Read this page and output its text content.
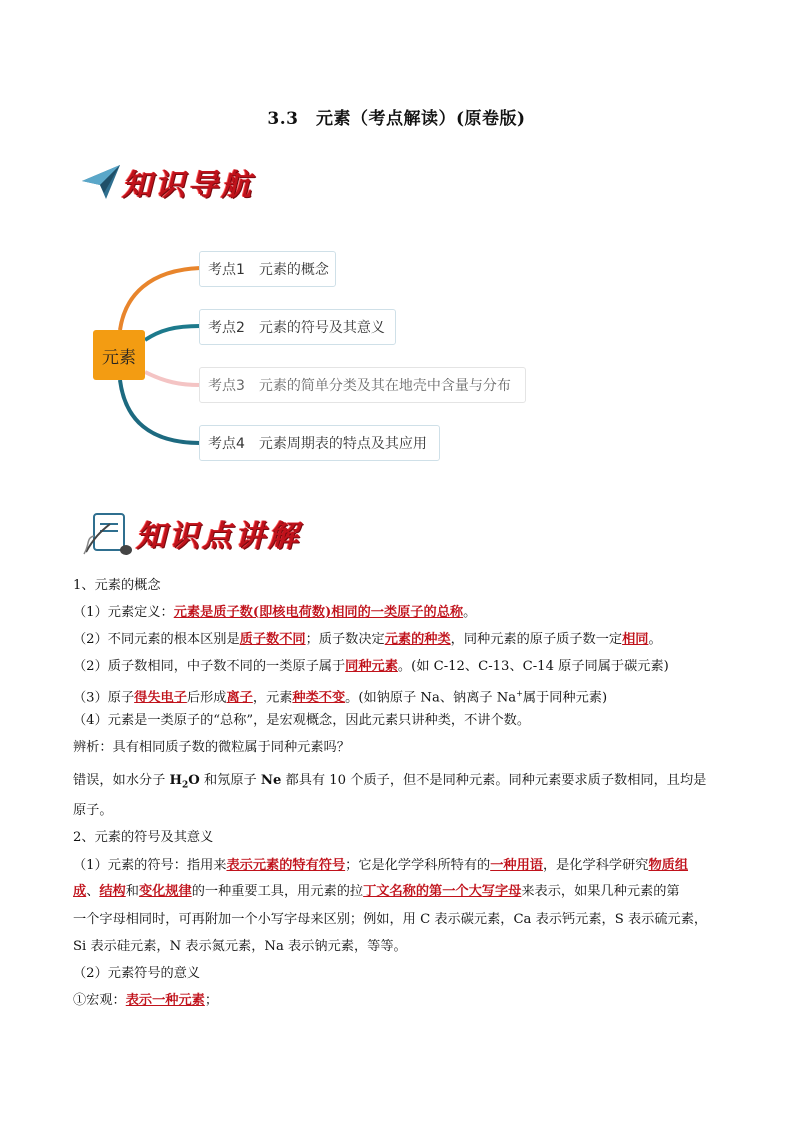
3.3　元素（考点解读）(原卷版)
知识导航
元素
考点1　元素的概念
考点2　元素的符号及其意义
考点3　元素的简单分类及其在地壳中含量与分布
考点4　元素周期表的特点及其应用
知识点讲解
1、元素的概念
（1）元素定义：元素是质子数(即核电荷数)相同的一类原子的总称。
（2）不同元素的根本区别是质子数不同；质子数决定元素的种类，同种元素的原子质子数一定相同。
（2）质子数相同，中子数不同的一类原子属于同种元素。(如 C-12、C-13、C-14 原子同属于碳元素)
（3）原子得失电子后形成离子，元素种类不变。(如钠原子 Na、钠离子 Na+属于同种元素)
（4）元素是一类原子的“总称”，是宏观概念，因此元素只讲种类，不讲个数。
辨析：具有相同质子数的微粒属于同种元素吗？
错误，如水分子 $H_2O$ 和氖原子 Ne 都具有 10 个质子，但不是同种元素。同种元素要求质子数相同，且均是
原子。
2、元素的符号及其意义
（1）元素的符号：指用来表示元素的特有符号；它是化学学科所特有的一种用语，是化学科学研究物质组
成、结构和变化规律的一种重要工具，用元素的拉丁文名称的第一个大写字母来表示，如果几种元素的第
一个字母相同时，可再附加一个小写字母来区别；例如，用 C 表示碳元素，Ca 表示钙元素，S 表示硫元素，
Si 表示硅元素，N 表示氮元素，Na 表示钠元素，等等。
（2）元素符号的意义
①宏观：表示一种元素；
